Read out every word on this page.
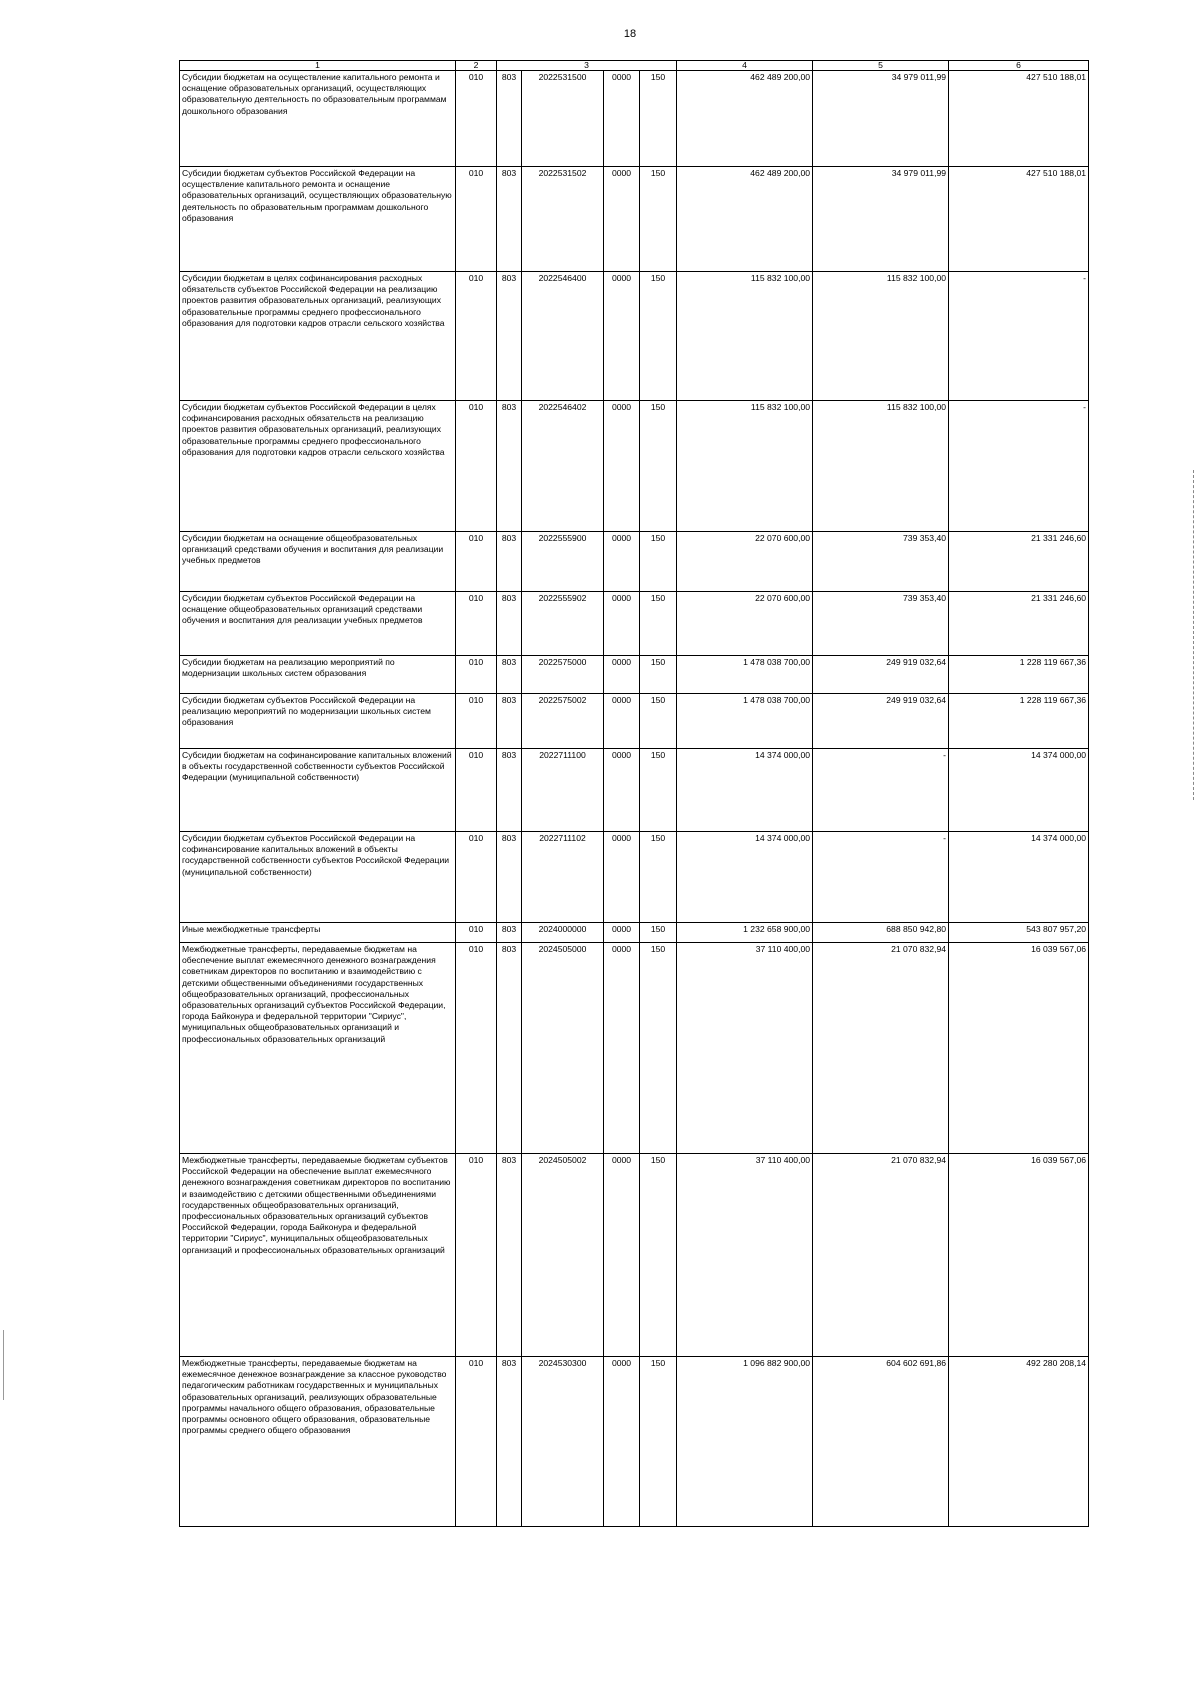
18
1	2	3				4	5	6
Субсидии бюджетам на осуществление капитального ремонта и оснащение образовательных организаций, осуществляющих образовательную деятельность по образовательным программам дошкольного образования	010	803	2022531500	0000	150	462 489 200,00	34 979 011,99	427 510 188,01
Субсидии бюджетам субъектов Российской Федерации на осуществление капитального ремонта и оснащение образовательных организаций, осуществляющих образовательную деятельность по образовательным программам дошкольного образования	010	803	2022531502	0000	150	462 489 200,00	34 979 011,99	427 510 188,01
Субсидии бюджетам в целях софинансирования расходных обязательств субъектов Российской Федерации на реализацию проектов развития образовательных организаций, реализующих образовательные программы среднего профессионального образования для подготовки кадров отрасли сельского хозяйства	010	803	2022546400	0000	150	115 832 100,00	115 832 100,00	-
Субсидии бюджетам субъектов Российской Федерации в целях софинансирования расходных обязательств на реализацию проектов развития образовательных организаций, реализующих образовательные программы среднего профессионального образования для подготовки кадров отрасли сельского хозяйства	010	803	2022546402	0000	150	115 832 100,00	115 832 100,00	-
Субсидии бюджетам на оснащение общеобразовательных организаций средствами обучения и воспитания для реализации учебных предметов	010	803	2022555900	0000	150	22 070 600,00	739 353,40	21 331 246,60
Субсидии бюджетам субъектов Российской Федерации на оснащение общеобразовательных организаций средствами обучения и воспитания для реализации учебных предметов	010	803	2022555902	0000	150	22 070 600,00	739 353,40	21 331 246,60
Субсидии бюджетам на реализацию мероприятий по модернизации школьных систем образования	010	803	2022575000	0000	150	1 478 038 700,00	249 919 032,64	1 228 119 667,36
Субсидии бюджетам субъектов Российской Федерации на реализацию мероприятий по модернизации школьных систем образования	010	803	2022575002	0000	150	1 478 038 700,00	249 919 032,64	1 228 119 667,36
Субсидии бюджетам на софинансирование капитальных вложений в объекты государственной собственности субъектов Российской Федерации (муниципальной собственности)	010	803	2022711100	0000	150	14 374 000,00	-	14 374 000,00
Субсидии бюджетам субъектов Российской Федерации на софинансирование капитальных вложений в объекты государственной собственности субъектов Российской Федерации (муниципальной собственности)	010	803	2022711102	0000	150	14 374 000,00	-	14 374 000,00
Иные межбюджетные трансферты	010	803	2024000000	0000	150	1 232 658 900,00	688 850 942,80	543 807 957,20
Межбюджетные трансферты, передаваемые бюджетам на обеспечение выплат ежемесячного денежного вознаграждения советникам директоров по воспитанию и взаимодействию с детскими общественными объединениями государственных общеобразовательных организаций, профессиональных образовательных организаций субъектов Российской Федерации, города Байконура и федеральной территории "Сириус", муниципальных общеобразовательных организаций и профессиональных образовательных организаций	010	803	2024505000	0000	150	37 110 400,00	21 070 832,94	16 039 567,06
Межбюджетные трансферты, передаваемые бюджетам субъектов Российской Федерации на обеспечение выплат ежемесячного денежного вознаграждения советникам директоров по воспитанию и взаимодействию с детскими общественными объединениями государственных общеобразовательных организаций, профессиональных образовательных организаций субъектов Российской Федерации, города Байконура и федеральной территории "Сириус", муниципальных общеобразовательных организаций и профессиональных образовательных организаций	010	803	2024505002	0000	150	37 110 400,00	21 070 832,94	16 039 567,06
Межбюджетные трансферты, передаваемые бюджетам на ежемесячное денежное вознаграждение за классное руководство педагогическим работникам государственных и муниципальных образовательных организаций, реализующих образовательные программы начального общего образования, образовательные программы основного общего образования, образовательные программы среднего общего образования	010	803	2024530300	0000	150	1 096 882 900,00	604 602 691,86	492 280 208,14
